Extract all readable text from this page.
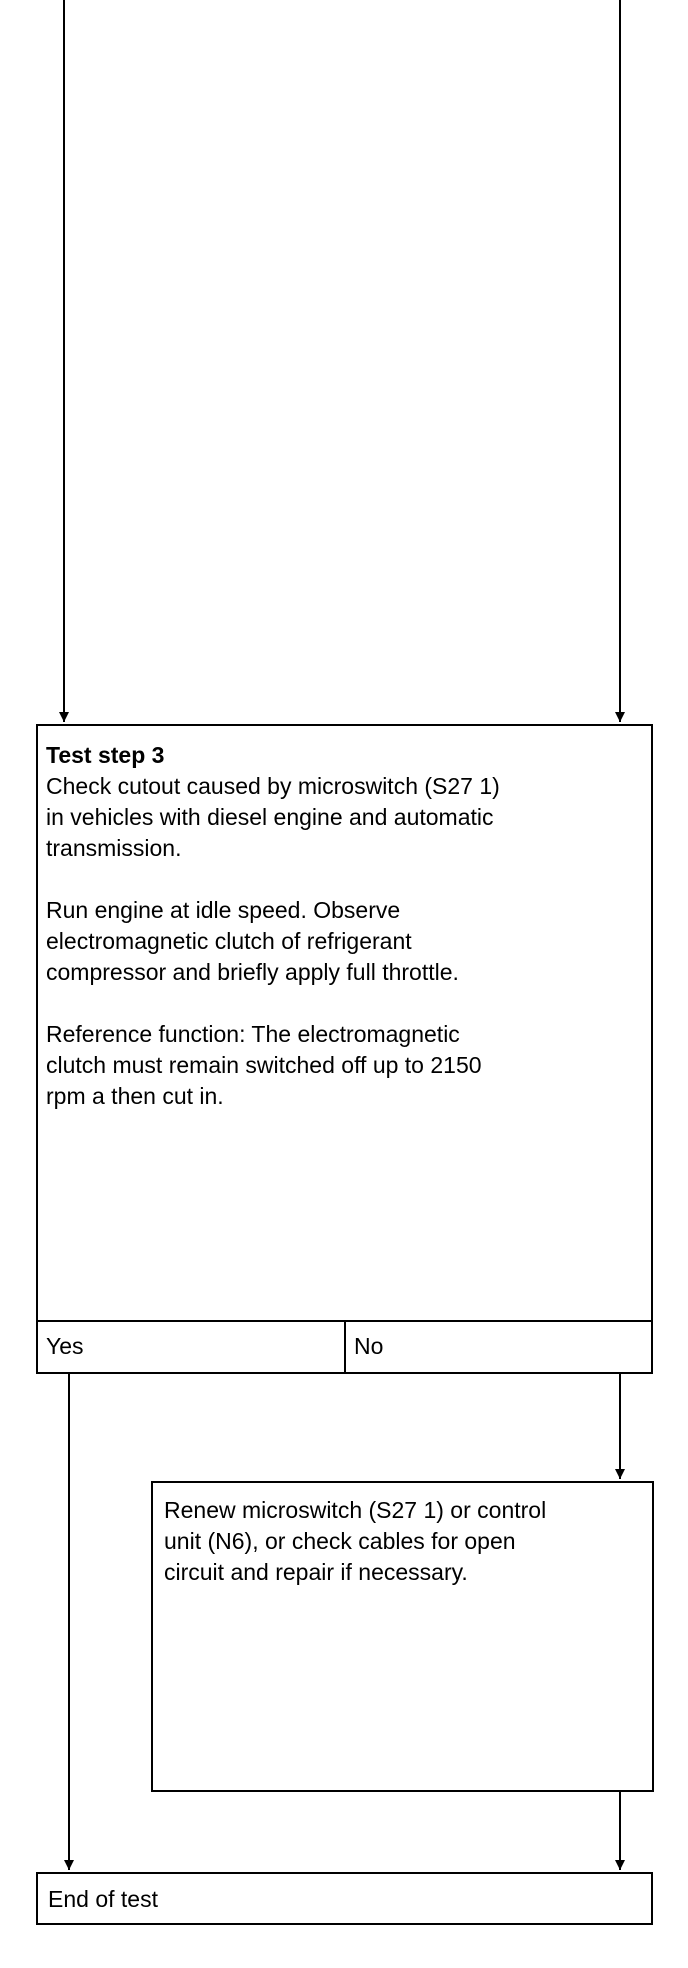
Test step 3
Check cutout caused by microswitch (S27 1)
in vehicles with diesel engine and automatic
transmission.
Run engine at idle speed. Observe
electromagnetic clutch of refrigerant
compressor and briefly apply full throttle.
Reference function: The electromagnetic
clutch must remain switched off up to 2150
rpm a then cut in.
Yes	No
Renew microswitch (S27 1) or control
unit (N6), or check cables for open
circuit and repair if necessary.
End of test
